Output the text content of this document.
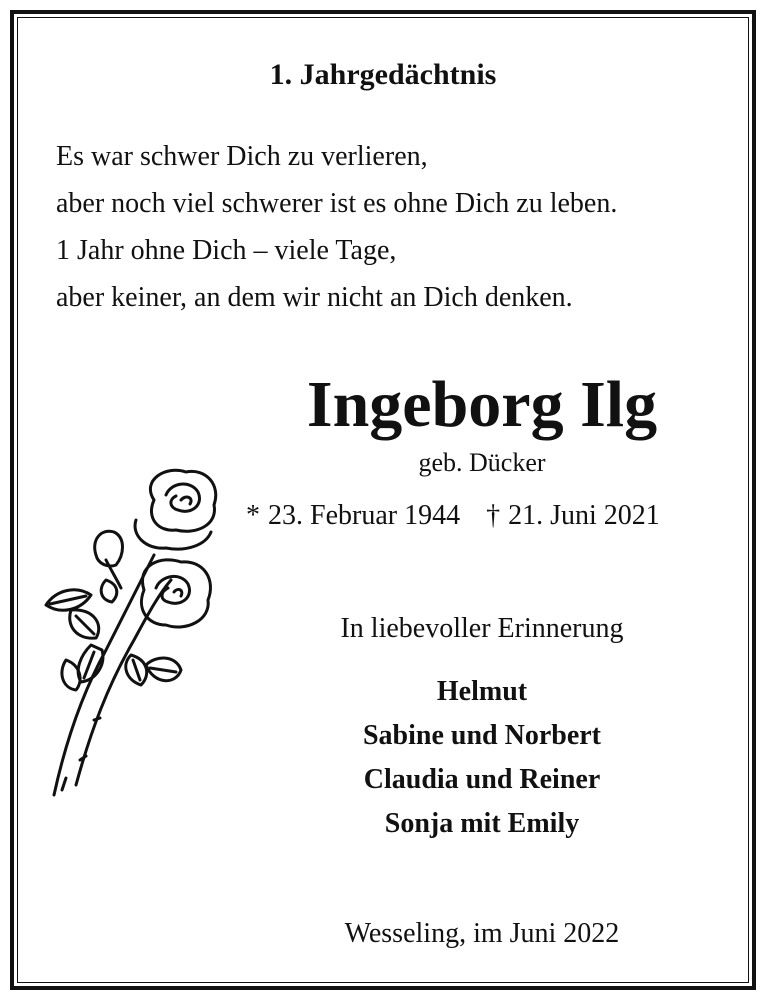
1. Jahrgedächtnis
Es war schwer Dich zu verlieren,
aber noch viel schwerer ist es ohne Dich zu leben.
1 Jahr ohne Dich – viele Tage,
aber keiner, an dem wir nicht an Dich denken.
Ingeborg Ilg
geb. Dücker
* 23. Februar 1944 † 21. Juni 2021
In liebevoller Erinnerung
Helmut
Sabine und Norbert
Claudia und Reiner
Sonja mit Emily
Wesseling, im Juni 2022
